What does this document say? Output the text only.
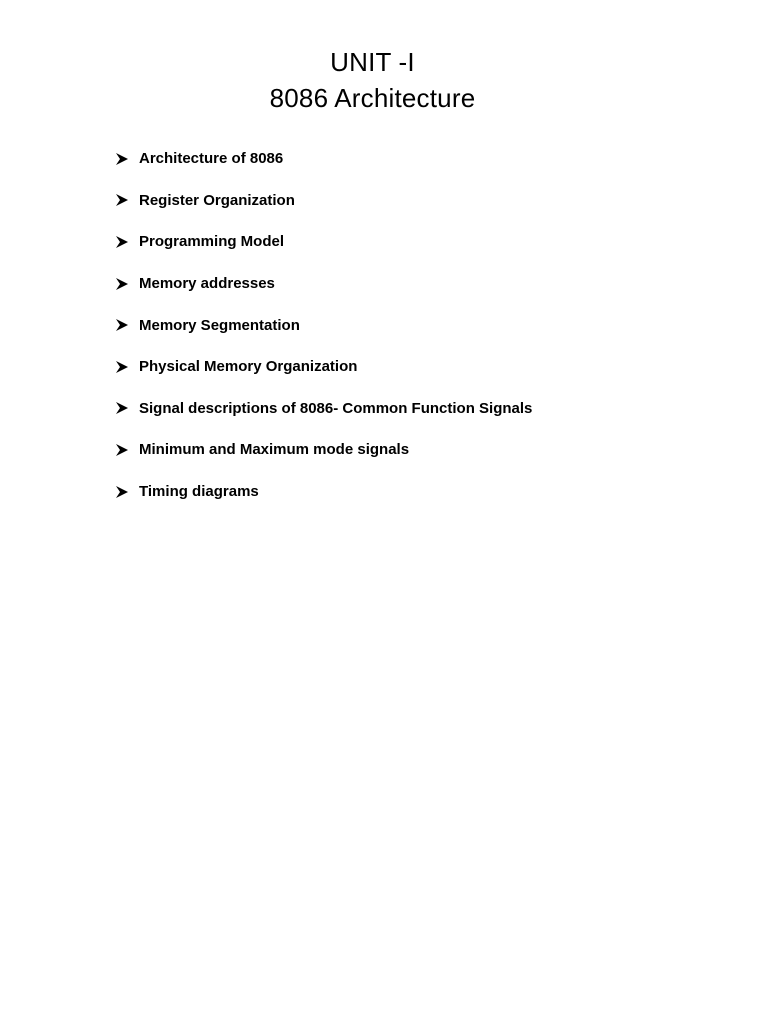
UNIT -I
8086 Architecture
Architecture of 8086
Register Organization
Programming Model
Memory addresses
Memory Segmentation
Physical Memory Organization
Signal descriptions of 8086- Common Function Signals
Minimum and Maximum mode signals
Timing diagrams
